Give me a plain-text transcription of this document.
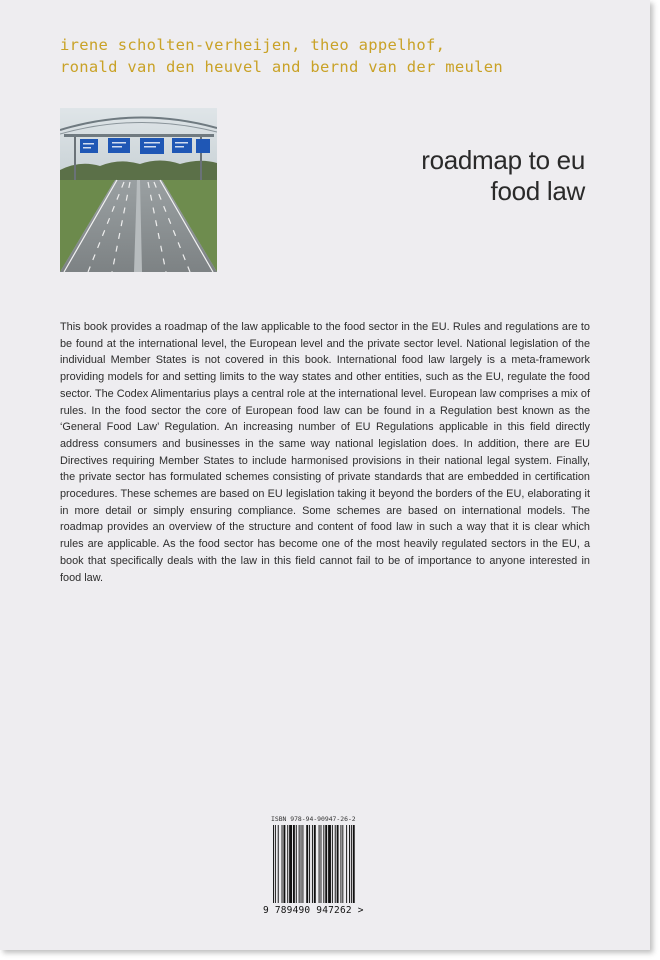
irene scholten-verheijen, theo appelhof,
ronald van den heuvel and bernd van der meulen
roadmap to eu
food law
This book provides a roadmap of the law applicable to the food sector in the EU. Rules and regulations are to be found at the international level, the European level and the private sector level. National legislation of the individual Member States is not covered in this book. International food law largely is a meta-framework providing models for and setting limits to the way states and other entities, such as the EU, regulate the food sector. The Codex Alimentarius plays a central role at the international level. European law comprises a mix of rules. In the food sector the core of European food law can be found in a Regulation best known as the ‘General Food Law’ Regulation. An increasing number of EU Regulations applicable in this field directly address consumers and businesses in the same way national legislation does. In addition, there are EU Directives requiring Member States to include harmonised provisions in their national legal system. Finally, the private sector has formulated schemes consisting of private standards that are embedded in certification procedures. These schemes are based on EU legislation taking it beyond the borders of the EU, elaborating it in more detail or simply ensuring compliance. Some schemes are based on international models. The roadmap provides an overview of the structure and content of food law in such a way that it is clear which rules are applicable. As the food sector has become one of the most heavily regulated sectors in the EU, a book that specifically deals with the law in this field cannot fail to be of importance to anyone interested in food law.
ISBN 978-94-90947-26-2
9 789490 947262 >
